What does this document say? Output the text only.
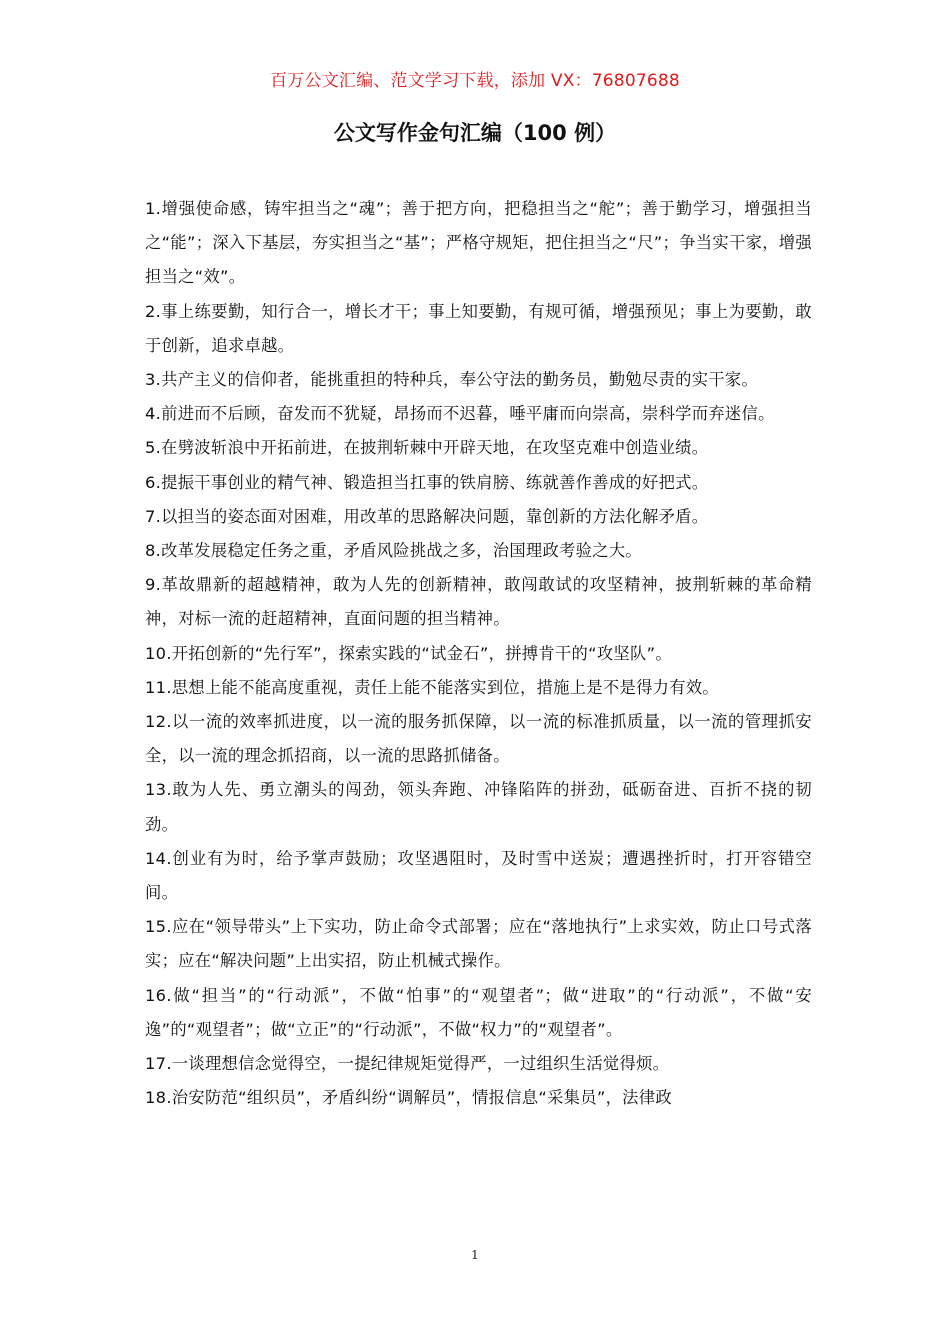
百万公文汇编、范文学习下载，添加 VX：76807688
公文写作金句汇编（100 例）

1.增强使命感，铸牢担当之“魂”；善于把方向，把稳担当之“舵”；善于勤学习，增强担当之“能”；深入下基层，夯实担当之“基”；严格守规矩，把住担当之“尺”；争当实干家，增强担当之“效”。

2.事上练要勤，知行合一，增长才干；事上知要勤，有规可循，增强预见；事上为要勤，敢于创新，追求卓越。

3.共产主义的信仰者，能挑重担的特种兵，奉公守法的勤务员，勤勉尽责的实干家。

4.前进而不后顾，奋发而不犹疑，昂扬而不迟暮，唾平庸而向崇高，崇科学而弃迷信。

5.在劈波斩浪中开拓前进，在披荆斩棘中开辟天地，在攻坚克难中创造业绩。

6.提振干事创业的精气神、锻造担当扛事的铁肩膀、练就善作善成的好把式。

7.以担当的姿态面对困难，用改革的思路解决问题，靠创新的方法化解矛盾。

8.改革发展稳定任务之重，矛盾风险挑战之多，治国理政考验之大。

9.革故鼎新的超越精神，敢为人先的创新精神，敢闯敢试的攻坚精神，披荆斩棘的革命精神，对标一流的赶超精神，直面问题的担当精神。

10.开拓创新的“先行军”，探索实践的“试金石”，拼搏肯干的“攻坚队”。

11.思想上能不能高度重视，责任上能不能落实到位，措施上是不是得力有效。

12.以一流的效率抓进度，以一流的服务抓保障，以一流的标准抓质量，以一流的管理抓安全，以一流的理念抓招商，以一流的思路抓储备。

13.敢为人先、勇立潮头的闯劲，领头奔跑、冲锋陷阵的拼劲，砥砺奋进、百折不挠的韧劲。

14.创业有为时，给予掌声鼓励；攻坚遇阻时，及时雪中送炭；遭遇挫折时，打开容错空间。

15.应在“领导带头”上下实功，防止命令式部署；应在“落地执行”上求实效，防止口号式落实；应在“解决问题”上出实招，防止机械式操作。

16.做“担当”的“行动派”，不做“怕事”的“观望者”；做“进取”的“行动派”，不做“安逸”的“观望者”；做“立正”的“行动派”，不做“权力”的“观望者”。

17.一谈理想信念觉得空，一提纪律规矩觉得严，一过组织生活觉得烦。

18.治安防范“组织员”，矛盾纠纷“调解员”，情报信息“采集员”，法律政

1
